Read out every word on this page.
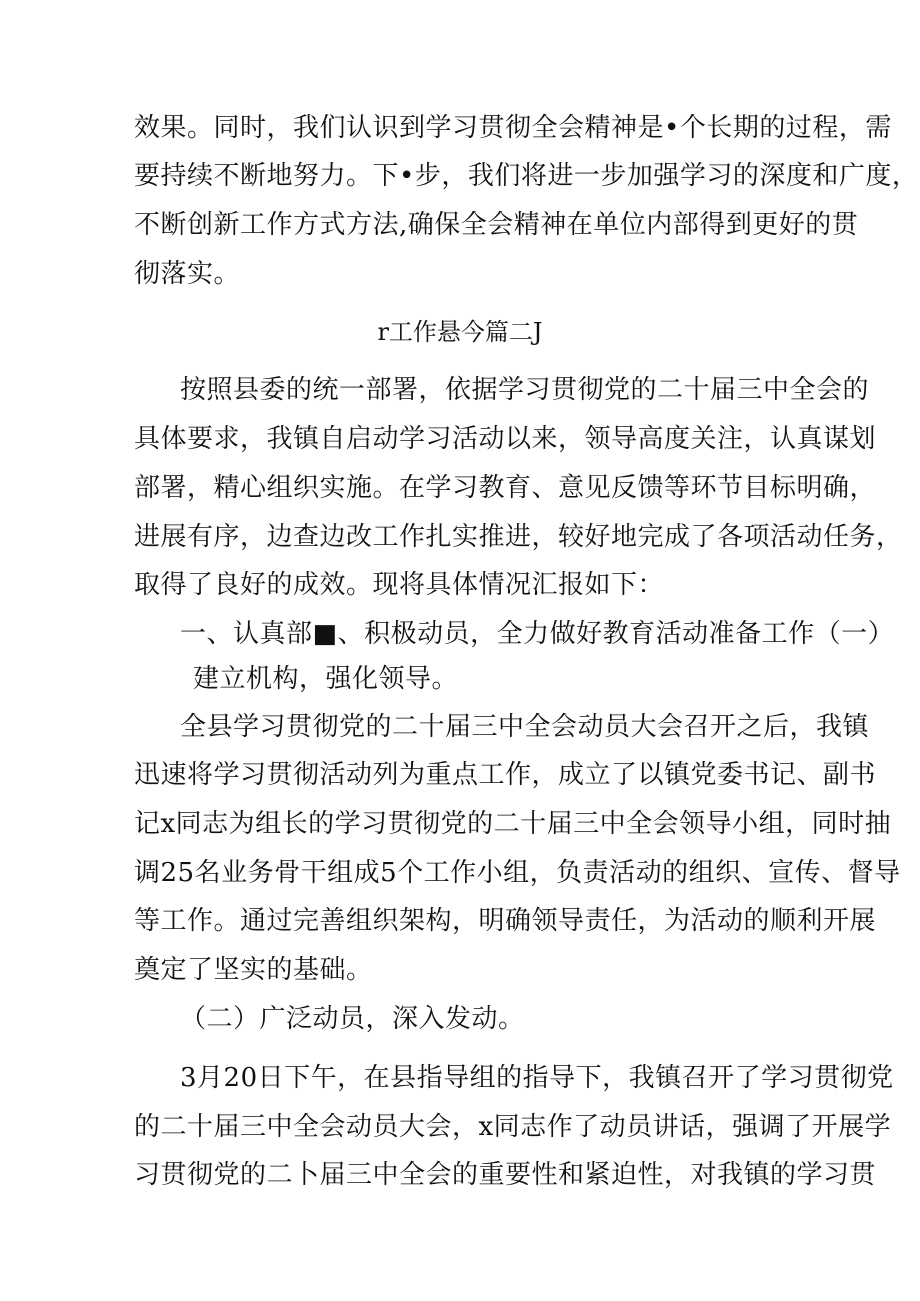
效果。同时，我们认识到学习贯彻全会精神是•个长期的过程，需
要持续不断地努力。下•步，我们将进一步加强学习的深度和广度，
不断创新工作方式方法,确保全会精神在单位内部得到更好的贯
彻落实。
r工作悬今篇二J
按照县委的统一部署，依据学习贯彻党的二十届三中全会的
具体要求，我镇自启动学习活动以来，领导高度关注，认真谋划
部署，精心组织实施。在学习教育、意见反馈等环节目标明确，
进展有序，边查边改工作扎实推进，较好地完成了各项活动任务，
取得了良好的成效。现将具体情况汇报如下：
一、认真部■、积极动员，全力做好教育活动准备工作（一）
建立机构，强化领导。
全县学习贯彻党的二十届三中全会动员大会召开之后，我镇
迅速将学习贯彻活动列为重点工作，成立了以镇党委书记、副书
记x同志为组长的学习贯彻党的二十届三中全会领导小组，同时抽
调25名业务骨干组成5个工作小组，负责活动的组织、宣传、督导
等工作。通过完善组织架构，明确领导责任，为活动的顺利开展
奠定了坚实的基础。
（二）广泛动员，深入发动。
3月20日下午，在县指导组的指导下，我镇召开了学习贯彻党
的二十届三中全会动员大会，x同志作了动员讲话，强调了开展学
习贯彻党的二卜届三中全会的重要性和紧迫性，对我镇的学习贯
